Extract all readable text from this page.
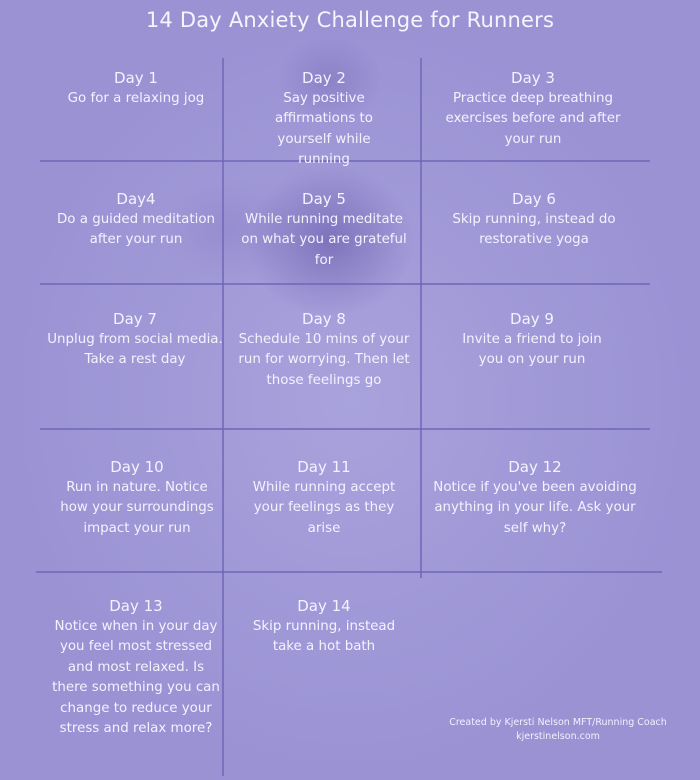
14 Day Anxiety Challenge for Runners
Day 1
Go for a relaxing jog
Day 2
Say positive affirmations to yourself while running
Day 3
Practice deep breathing exercises before and after your run
Day4
Do a guided meditation after your run
Day 5
While running meditate on what you are grateful for
Day 6
Skip running, instead do restorative yoga
Day 7
Unplug from social media. Take a rest day
Day 8
Schedule 10 mins of your run for worrying. Then let those feelings go
Day 9
Invite a friend to join you on your run
Day 10
Run in nature. Notice how your surroundings impact your run
Day 11
While running accept your feelings as they arise
Day 12
Notice if you've been avoiding anything in your life. Ask your self why?
Day 13
Notice when in your day you feel most stressed and most relaxed. Is there something you can change to reduce your stress and relax more?
Day 14
Skip running, instead take a hot bath
Created by Kjersti Nelson MFT/Running Coach
kjerstinelson.com
